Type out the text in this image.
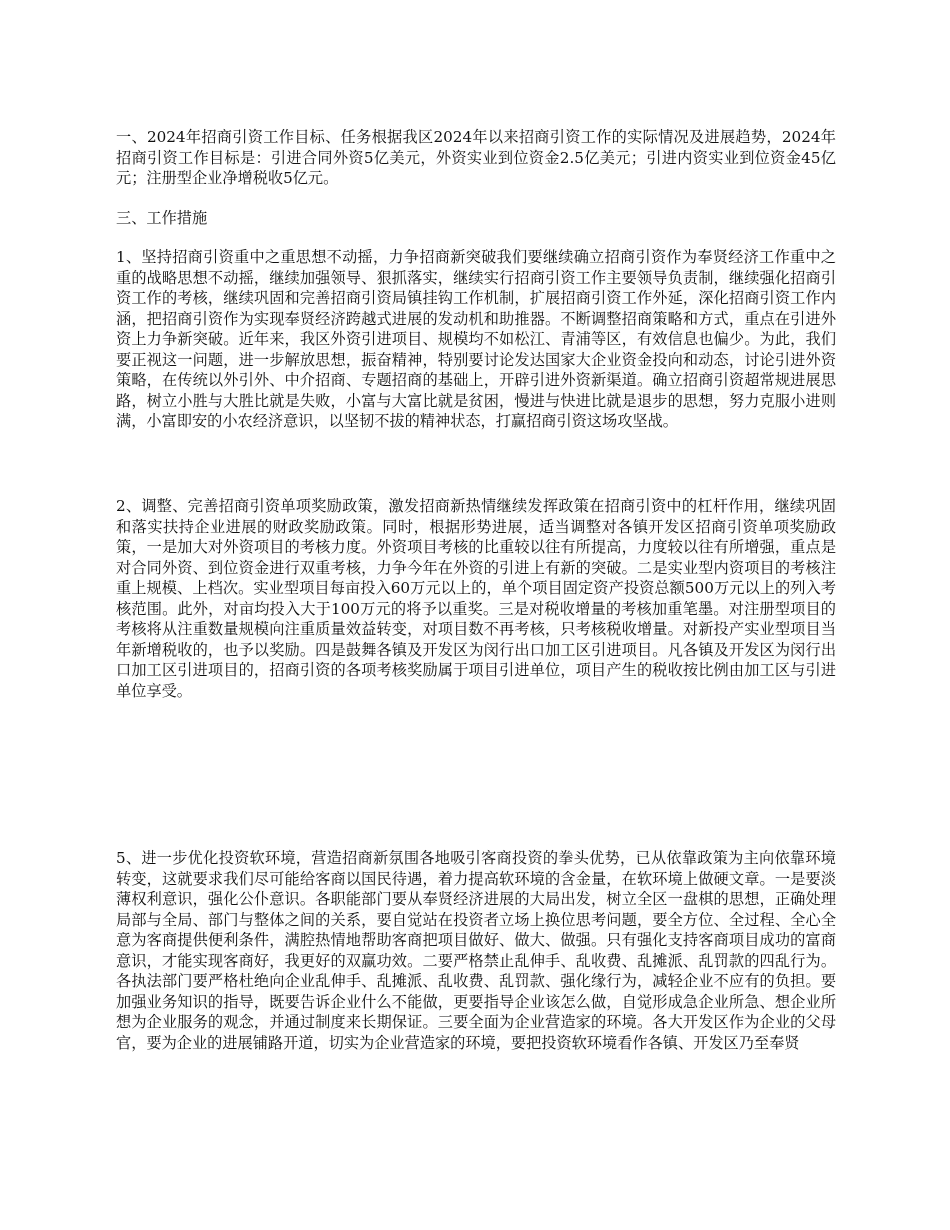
一、2024年招商引资工作目标、任务根据我区2024年以来招商引资工作的实际情况及进展趋势，2024年招商引资工作目标是：引进合同外资5亿美元，外资实业到位资金2.5亿美元；引进内资实业到位资金45亿元；注册型企业净增税收5亿元。

三、工作措施

1、坚持招商引资重中之重思想不动摇，力争招商新突破我们要继续确立招商引资作为奉贤经济工作重中之重的战略思想不动摇，继续加强领导、狠抓落实，继续实行招商引资工作主要领导负责制，继续强化招商引资工作的考核，继续巩固和完善招商引资局镇挂钩工作机制，扩展招商引资工作外延，深化招商引资工作内涵，把招商引资作为实现奉贤经济跨越式进展的发动机和助推器。不断调整招商策略和方式，重点在引进外资上力争新突破。近年来，我区外资引进项目、规模均不如松江、青浦等区，有效信息也偏少。为此，我们要正视这一问题，进一步解放思想，振奋精神，特别要讨论发达国家大企业资金投向和动态，讨论引进外资策略，在传统以外引外、中介招商、专题招商的基础上，开辟引进外资新渠道。确立招商引资超常规进展思路，树立小胜与大胜比就是失败，小富与大富比就是贫困，慢进与快进比就是退步的思想，努力克服小进则满，小富即安的小农经济意识，以坚韧不拔的精神状态，打赢招商引资这场攻坚战。

2、调整、完善招商引资单项奖励政策，激发招商新热情继续发挥政策在招商引资中的杠杆作用，继续巩固和落实扶持企业进展的财政奖励政策。同时，根据形势进展，适当调整对各镇开发区招商引资单项奖励政策，一是加大对外资项目的考核力度。外资项目考核的比重较以往有所提高，力度较以往有所增强，重点是对合同外资、到位资金进行双重考核，力争今年在外资的引进上有新的突破。二是实业型内资项目的考核注重上规模、上档次。实业型项目每亩投入60万元以上的，单个项目固定资产投资总额500万元以上的列入考核范围。此外，对亩均投入大于100万元的将予以重奖。三是对税收增量的考核加重笔墨。对注册型项目的考核将从注重数量规模向注重质量效益转变，对项目数不再考核，只考核税收增量。对新投产实业型项目当年新增税收的，也予以奖励。四是鼓舞各镇及开发区为闵行出口加工区引进项目。凡各镇及开发区为闵行出口加工区引进项目的，招商引资的各项考核奖励属于项目引进单位，项目产生的税收按比例由加工区与引进单位享受。

5、进一步优化投资软环境，营造招商新氛围各地吸引客商投资的拳头优势，已从依靠政策为主向依靠环境转变，这就要求我们尽可能给客商以国民待遇，着力提高软环境的含金量，在软环境上做硬文章。一是要淡薄权利意识，强化公仆意识。各职能部门要从奉贤经济进展的大局出发，树立全区一盘棋的思想，正确处理局部与全局、部门与整体之间的关系，要自觉站在投资者立场上换位思考问题，要全方位、全过程、全心全意为客商提供便利条件，满腔热情地帮助客商把项目做好、做大、做强。只有强化支持客商项目成功的富商意识，才能实现客商好，我更好的双赢功效。二要严格禁止乱伸手、乱收费、乱摊派、乱罚款的四乱行为。各执法部门要严格杜绝向企业乱伸手、乱摊派、乱收费、乱罚款、强化缘行为，减轻企业不应有的负担。要加强业务知识的指导，既要告诉企业什么不能做，更要指导企业该怎么做，自觉形成急企业所急、想企业所想为企业服务的观念，并通过制度来长期保证。三要全面为企业营造家的环境。各大开发区作为企业的父母官，要为企业的进展铺路开道，切实为企业营造家的环境，要把投资软环境看作各镇、开发区乃至奉贤
